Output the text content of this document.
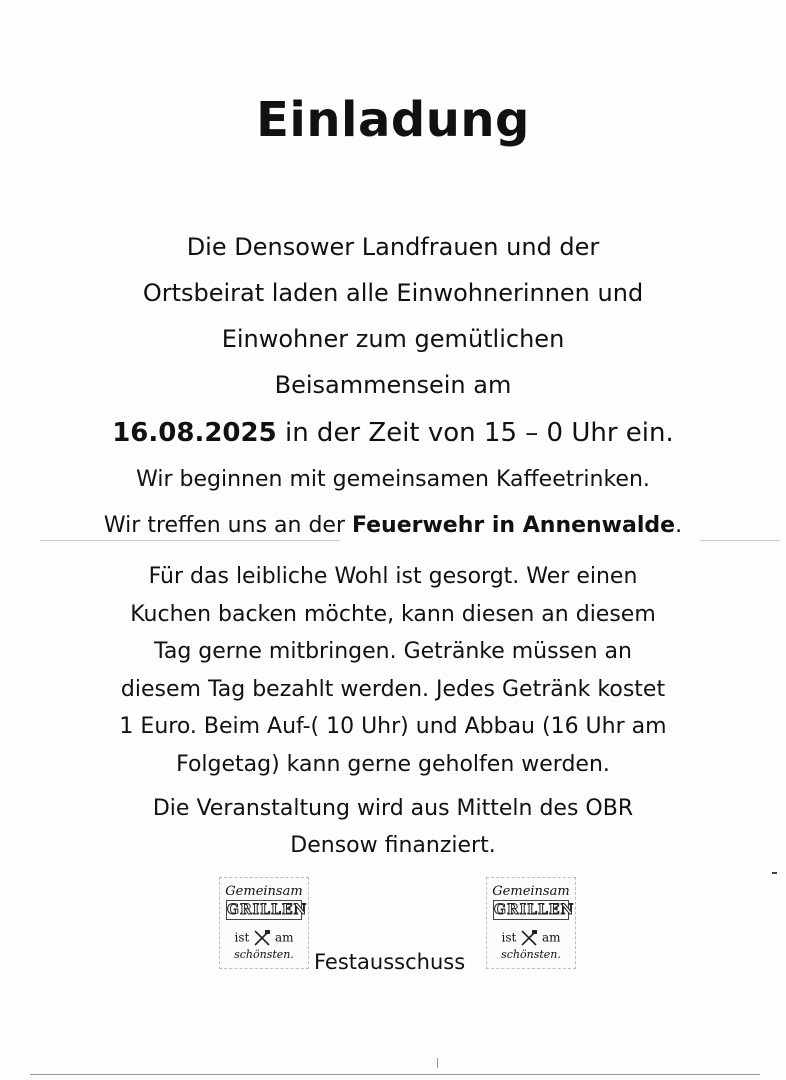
Einladung
Die Densower Landfrauen und der
Ortsbeirat laden alle Einwohnerinnen und
Einwohner zum gemütlichen
Beisammensein am
16.08.2025 in der Zeit von 15 – 0 Uhr ein.
Wir beginnen mit gemeinsamen Kaffeetrinken.
Wir treffen uns an der Feuerwehr in Annenwalde.
Für das leibliche Wohl ist gesorgt. Wer einen
Kuchen backen möchte, kann diesen an diesem
Tag gerne mitbringen. Getränke müssen an
diesem Tag bezahlt werden. Jedes Getränk kostet
1 Euro. Beim Auf-( 10 Uhr) und Abbau (16 Uhr am
Folgetag) kann gerne geholfen werden.
Die Veranstaltung wird aus Mitteln des OBR
Densow finanziert.
Gemeinsam
GRILLEN
ist am
schönsten.
Gemeinsam
GRILLEN
ist am
schönsten.
Festausschuss
